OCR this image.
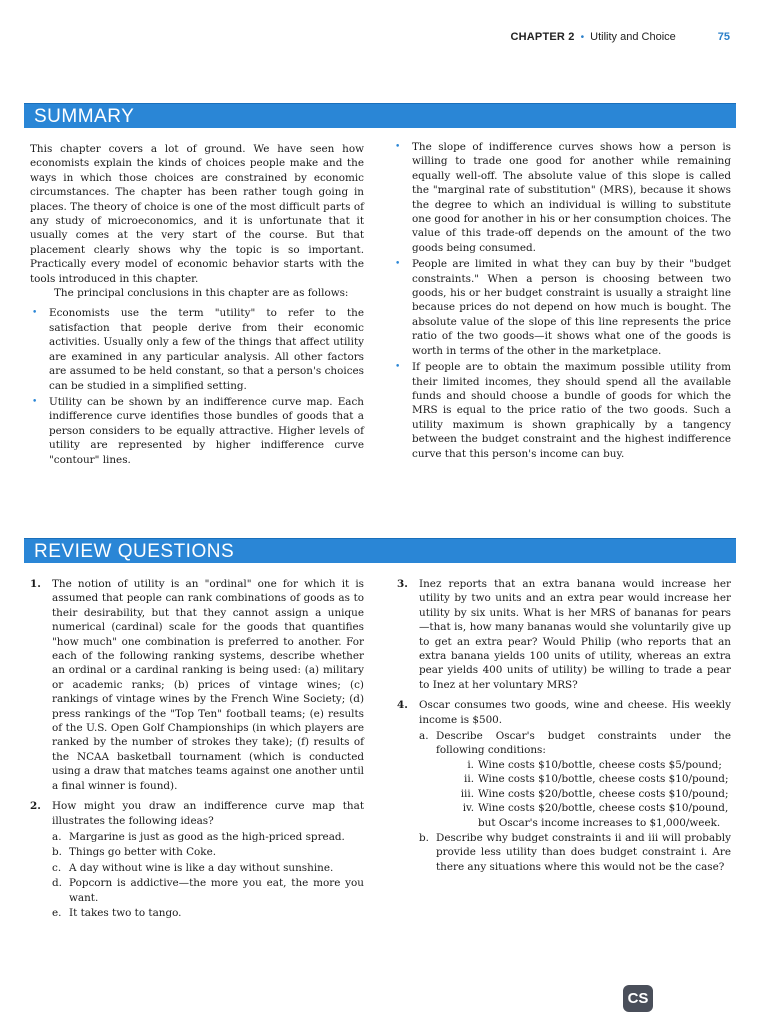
CHAPTER 2 • Utility and Choice	75
SUMMARY

This chapter covers a lot of ground. We have seen how economists explain the kinds of choices people make and the ways in which those choices are constrained by economic circumstances. The chapter has been rather tough going in places. The theory of choice is one of the most difficult parts of any study of microeconomics, and it is unfortunate that it usually comes at the very start of the course. But that placement clearly shows why the topic is so important. Practically every model of economic behavior starts with the tools introduced in this chapter.

The principal conclusions in this chapter are as follows:

• Economists use the term "utility" to refer to the satisfaction that people derive from their economic activities. Usually only a few of the things that affect utility are examined in any particular analysis. All other factors are assumed to be held constant, so that a person's choices can be studied in a simplified setting.
• Utility can be shown by an indifference curve map. Each indifference curve identifies those bundles of goods that a person considers to be equally attractive. Higher levels of utility are represented by higher indifference curve "contour" lines.
• The slope of indifference curves shows how a person is willing to trade one good for another while remaining equally well-off. The absolute value of this slope is called the "marginal rate of substitution" (MRS), because it shows the degree to which an individual is willing to substitute one good for another in his or her consumption choices. The value of this trade-off depends on the amount of the two goods being consumed.
• People are limited in what they can buy by their "budget constraints." When a person is choosing between two goods, his or her budget constraint is usually a straight line because prices do not depend on how much is bought. The absolute value of the slope of this line represents the price ratio of the two goods—it shows what one of the goods is worth in terms of the other in the marketplace.
• If people are to obtain the maximum possible utility from their limited incomes, they should spend all the available funds and should choose a bundle of goods for which the MRS is equal to the price ratio of the two goods. Such a utility maximum is shown graphically by a tangency between the budget constraint and the highest indifference curve that this person's income can buy.
REVIEW QUESTIONS
1. The notion of utility is an "ordinal" one for which it is assumed that people can rank combinations of goods as to their desirability, but that they cannot assign a unique numerical (cardinal) scale for the goods that quantifies "how much" one combination is preferred to another. For each of the following ranking systems, describe whether an ordinal or a cardinal ranking is being used: (a) military or academic ranks; (b) prices of vintage wines; (c) rankings of vintage wines by the French Wine Society; (d) press rankings of the "Top Ten" football teams; (e) results of the U.S. Open Golf Championships (in which players are ranked by the number of strokes they take); (f) results of the NCAA basketball tournament (which is conducted using a draw that matches teams against one another until a final winner is found).
2. How might you draw an indifference curve map that illustrates the following ideas?
a. Margarine is just as good as the high-priced spread.
b. Things go better with Coke.
c. A day without wine is like a day without sunshine.
d. Popcorn is addictive—the more you eat, the more you want.
e. It takes two to tango.
3. Inez reports that an extra banana would increase her utility by two units and an extra pear would increase her utility by six units. What is her MRS of bananas for pears—that is, how many bananas would she voluntarily give up to get an extra pear? Would Philip (who reports that an extra banana yields 100 units of utility, whereas an extra pear yields 400 units of utility) be willing to trade a pear to Inez at her voluntary MRS?
4. Oscar consumes two goods, wine and cheese. His weekly income is $500.
a. Describe Oscar's budget constraints under the following conditions:
i. Wine costs $10/bottle, cheese costs $5/pound;
ii. Wine costs $10/bottle, cheese costs $10/pound;
iii. Wine costs $20/bottle, cheese costs $10/pound;
iv. Wine costs $20/bottle, cheese costs $10/pound, but Oscar's income increases to $1,000/week.
b. Describe why budget constraints ii and iii will probably provide less utility than does budget constraint i. Are there any situations where this would not be the case?
CS
